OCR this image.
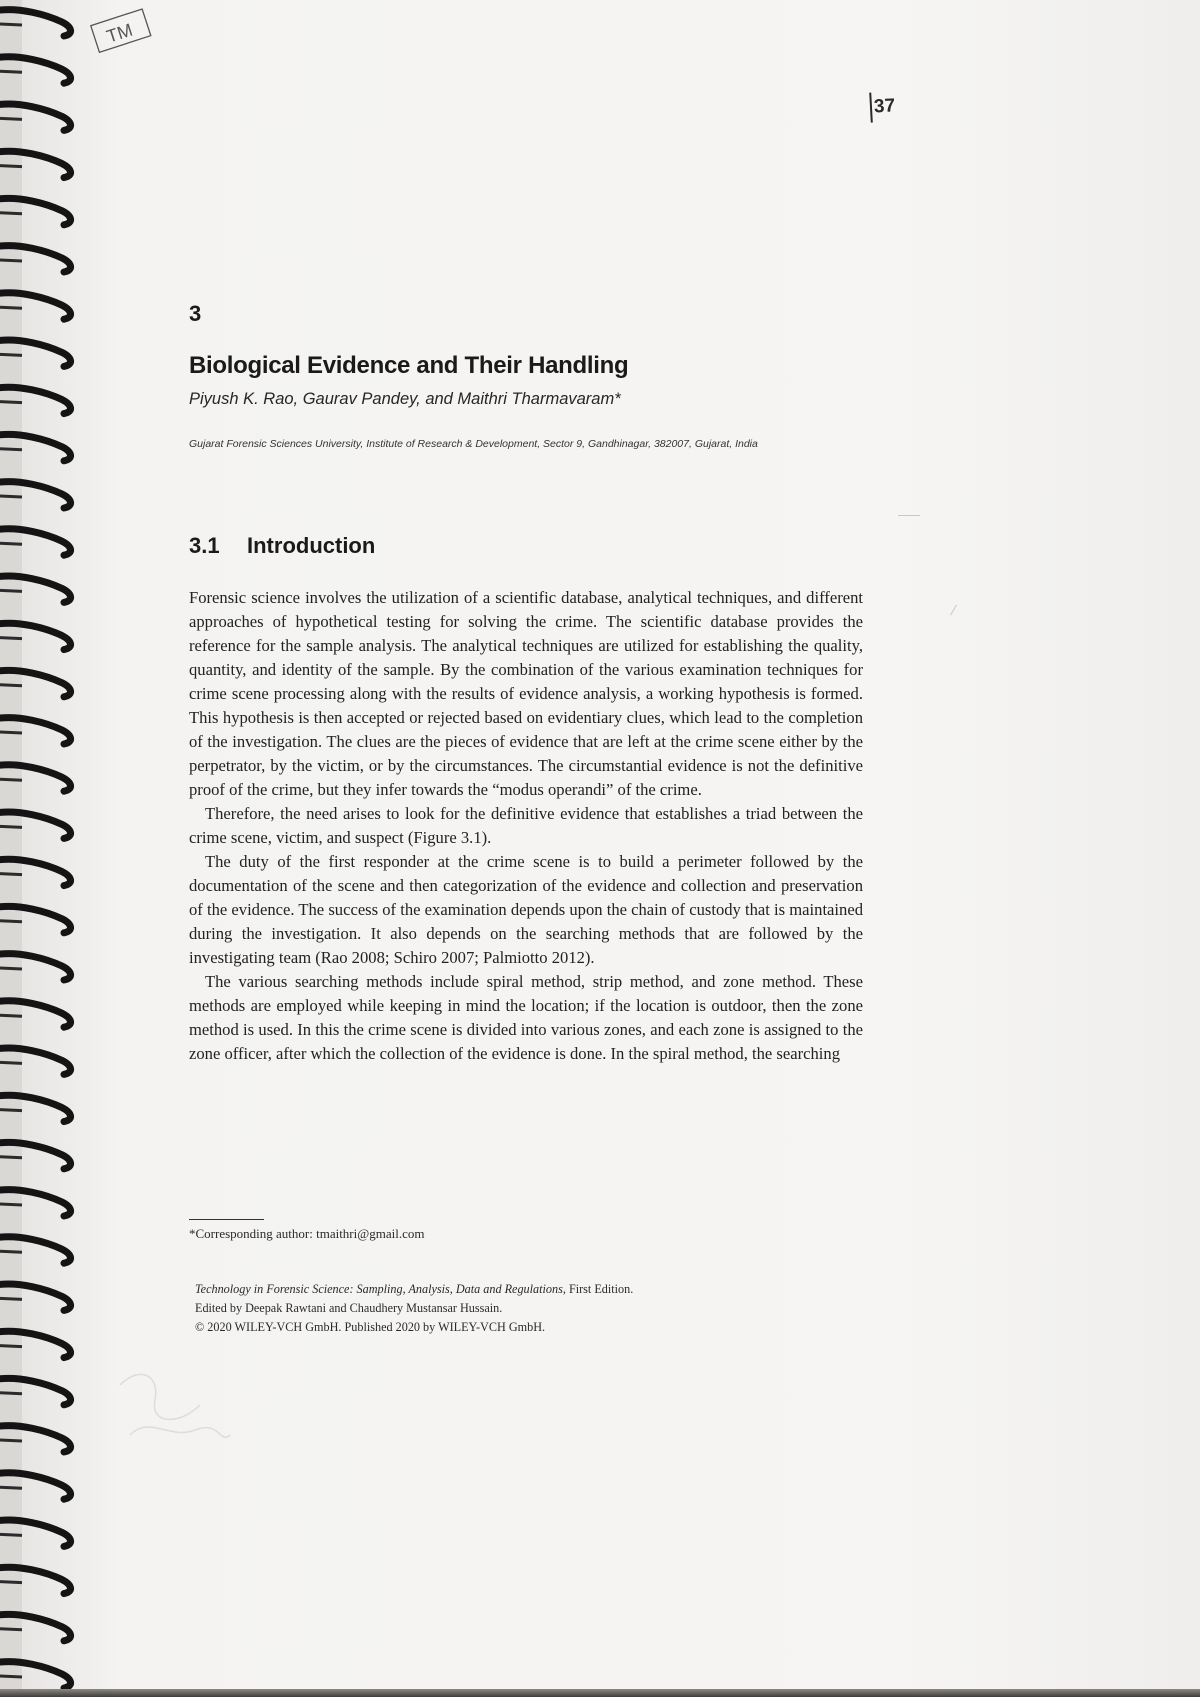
TM
37
3
Biological Evidence and Their Handling
Piyush K. Rao, Gaurav Pandey, and Maithri Tharmavaram*
Gujarat Forensic Sciences University, Institute of Research & Development, Sector 9, Gandhinagar, 382007, Gujarat, India
3.1 Introduction

Forensic science involves the utilization of a scientific database, analytical techniques, and different approaches of hypothetical testing for solving the crime. The scientific database provides the reference for the sample analysis. The analytical techniques are utilized for establishing the quality, quantity, and identity of the sample. By the combination of the various examination techniques for crime scene processing along with the results of evidence analysis, a working hypothesis is formed. This hypothesis is then accepted or rejected based on evidentiary clues, which lead to the completion of the investigation. The clues are the pieces of evidence that are left at the crime scene either by the perpetrator, by the victim, or by the circumstances. The circumstantial evidence is not the definitive proof of the crime, but they infer towards the “modus operandi” of the crime.

Therefore, the need arises to look for the definitive evidence that establishes a triad between the crime scene, victim, and suspect (Figure 3.1).

The duty of the first responder at the crime scene is to build a perimeter followed by the documentation of the scene and then categorization of the evidence and collection and preservation of the evidence. The success of the examination depends upon the chain of custody that is maintained during the investigation. It also depends on the searching methods that are followed by the investigating team (Rao 2008; Schiro 2007; Palmiotto 2012).

The various searching methods include spiral method, strip method, and zone method. These methods are employed while keeping in mind the location; if the location is outdoor, then the zone method is used. In this the crime scene is divided into various zones, and each zone is assigned to the zone officer, after which the collection of the evidence is done. In the spiral method, the searching

*Corresponding author: tmaithri@gmail.com
Technology in Forensic Science: Sampling, Analysis, Data and Regulations, First Edition.
Edited by Deepak Rawtani and Chaudhery Mustansar Hussain.
© 2020 WILEY-VCH GmbH. Published 2020 by WILEY-VCH GmbH.
